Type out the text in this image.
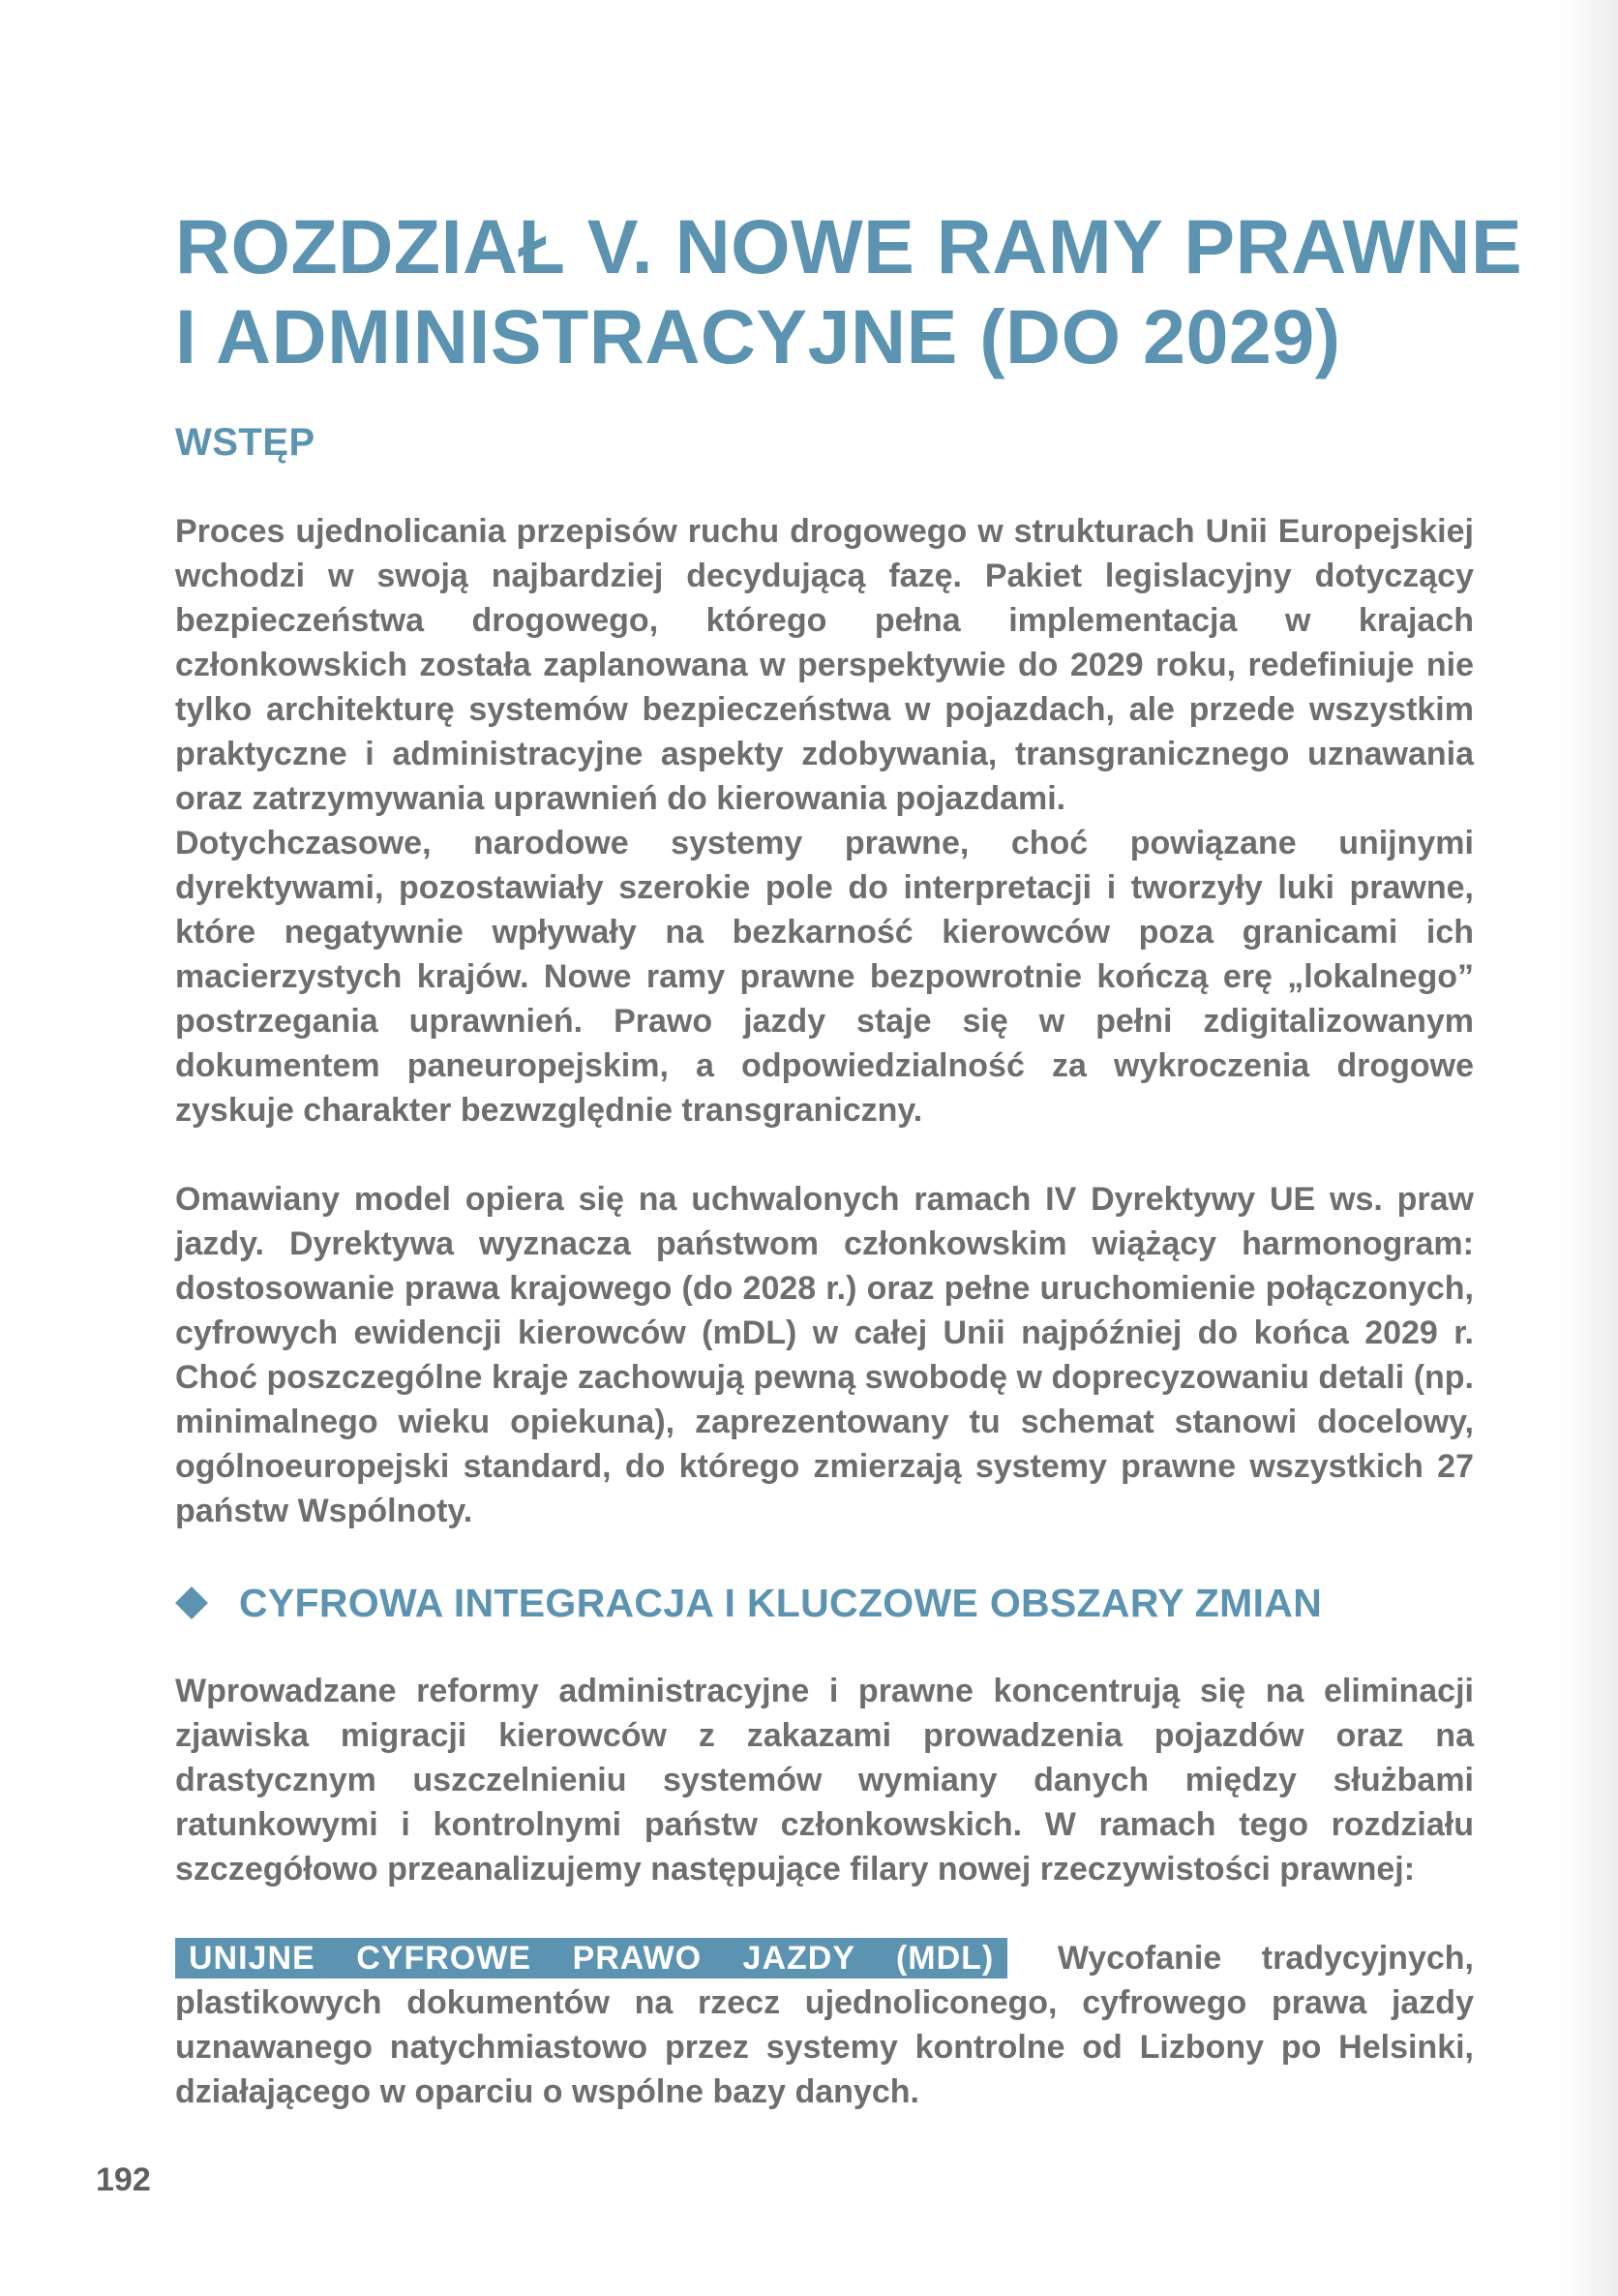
ROZDZIAŁ V. NOWE RAMY PRAWNE
I ADMINISTRACYJNE (DO 2029)
WSTĘP

Proces ujednolicania przepisów ruchu drogowego w strukturach Unii Europejskiej wchodzi w swoją najbardziej decydującą fazę. Pakiet legislacyjny dotyczący bezpieczeństwa drogowego, którego pełna implementacja w krajach członkowskich została zaplanowana w perspektywie do 2029 roku, redefiniuje nie tylko architekturę systemów bezpieczeństwa w pojazdach, ale przede wszystkim praktyczne i administracyjne aspekty zdobywania, transgranicznego uznawania oraz zatrzymywania uprawnień do kierowania pojazdami.

Dotychczasowe, narodowe systemy prawne, choć powiązane unijnymi dyrektywami, pozostawiały szerokie pole do interpretacji i tworzyły luki prawne, które negatywnie wpływały na bezkarność kierowców poza granicami ich macierzystych krajów. Nowe ramy prawne bezpowrotnie kończą erę „lokalnego” postrzegania uprawnień. Prawo jazdy staje się w pełni zdigitalizowanym dokumentem paneuropejskim, a odpowiedzialność za wykroczenia drogowe zyskuje charakter bezwzględnie transgraniczny.

Omawiany model opiera się na uchwalonych ramach IV Dyrektywy UE ws. praw jazdy. Dyrektywa wyznacza państwom członkowskim wiążący harmonogram: dostosowanie prawa krajowego (do 2028 r.) oraz pełne uruchomienie połączonych, cyfrowych ewidencji kierowców (mDL) w całej Unii najpóźniej do końca 2029 r. Choć poszczególne kraje zachowują pewną swobodę w doprecyzowaniu detali (np. minimalnego wieku opiekuna), zaprezentowany tu schemat stanowi docelowy, ogólnoeuropejski standard, do którego zmierzają systemy prawne wszystkich 27 państw Wspólnoty.

CYFROWA INTEGRACJA I KLUCZOWE OBSZARY ZMIAN

Wprowadzane reformy administracyjne i prawne koncentrują się na eliminacji zjawiska migracji kierowców z zakazami prowadzenia pojazdów oraz na drastycznym uszczelnieniu systemów wymiany danych między służbami ratunkowymi i kontrolnymi państw członkowskich. W ramach tego rozdziału szczegółowo przeanalizujemy następujące filary nowej rzeczywistości prawnej:

UNIJNE CYFROWE PRAWO JAZDY (MDL) Wycofanie tradycyjnych, plastikowych dokumentów na rzecz ujednoliconego, cyfrowego prawa jazdy uznawanego natychmiastowo przez systemy kontrolne od Lizbony po Helsinki, działającego w oparciu o wspólne bazy danych.

192
